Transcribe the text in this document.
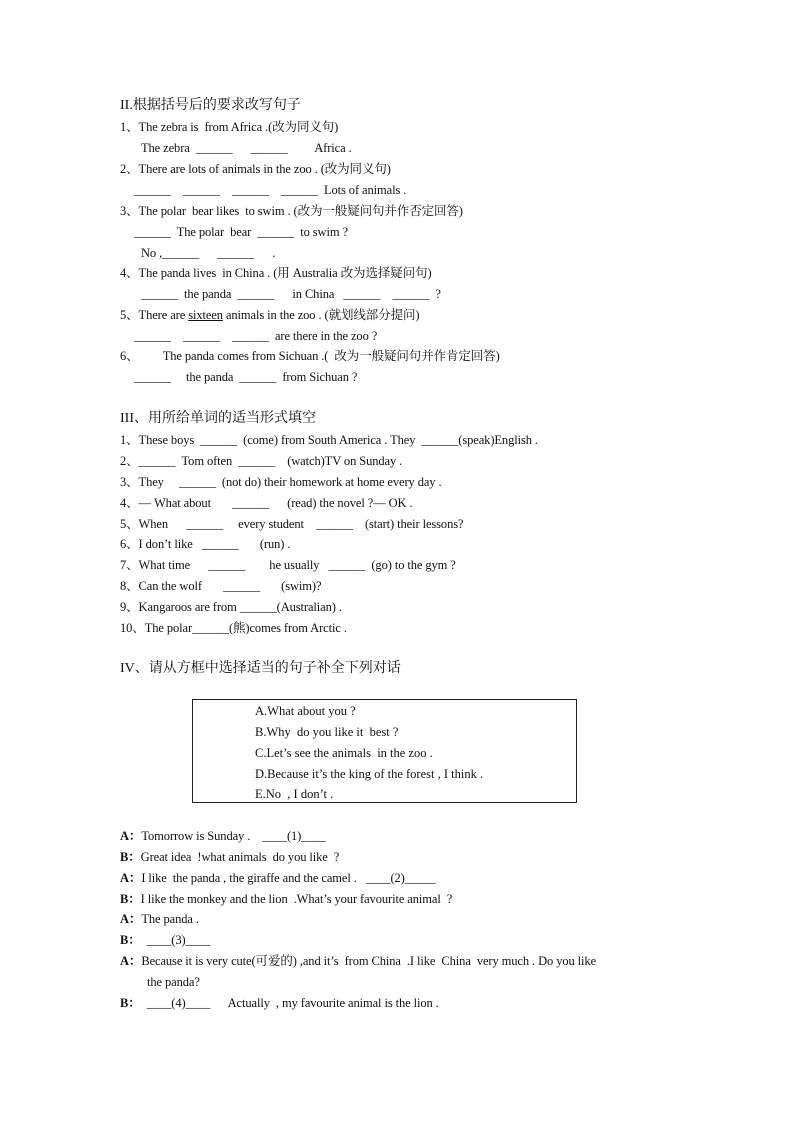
II.根据括号后的要求改写句子
1、The zebra is  from Africa .(改为同义句)
The zebra  ______      ______         Africa .
2、There are lots of animals in the zoo . (改为同义句)
______    ______    ______    ______  Lots of animals .
3、The polar  bear likes  to swim . (改为一般疑问句并作否定回答)
______  The polar  bear  ______  to swim ?
No ,______      ______      .
4、The panda lives  in China . (用 Australia 改为选择疑问句)
______  the panda  ______      in China   ______    ______  ?
5、There are sixteen animals in the zoo . (就划线部分提问)
______    ______    ______  are there in the zoo ?
6、        The panda comes from Sichuan .(  改为一般疑问句并作肯定回答)
______     the panda  ______  from Sichuan ?
III、用所给单词的适当形式填空
1、These boys  ______  (come) from South America . They  ______(speak)English .
2、______  Tom often  ______    (watch)TV on Sunday .
3、They     ______  (not do) their homework at home every day .
4、— What about       ______      (read) the novel ?— OK .
5、When      ______     every student    ______    (start) their lessons?
6、I don’t like   ______       (run) .
7、What time      ______        he usually   ______  (go) to the gym ?
8、Can the wolf       ______       (swim)?
9、Kangaroos are from ______(Australian) .
10、The polar______(熊)comes from Arctic .
IV、请从方框中选择适当的句子补全下列对话
A.What about you ?
B.Why  do you like it  best ?
C.Let’s see the animals  in the zoo .
D.Because it’s the king of the forest , I think .
E.No  , I don’t .
A：Tomorrow is Sunday .    ____(1)____
B：Great idea  !what animals  do you like  ?
A：I like  the panda , the giraffe and the camel .   ____(2)_____
B：I like the monkey and the lion  .What’s your favourite animal  ?
A：The panda .
B：  ____(3)____
A：Because it is very cute(可爱的) ,and it’s  from China  .I like  China  very much . Do you like
the panda?
B：  ____(4)____      Actually  , my favourite animal is the lion .
